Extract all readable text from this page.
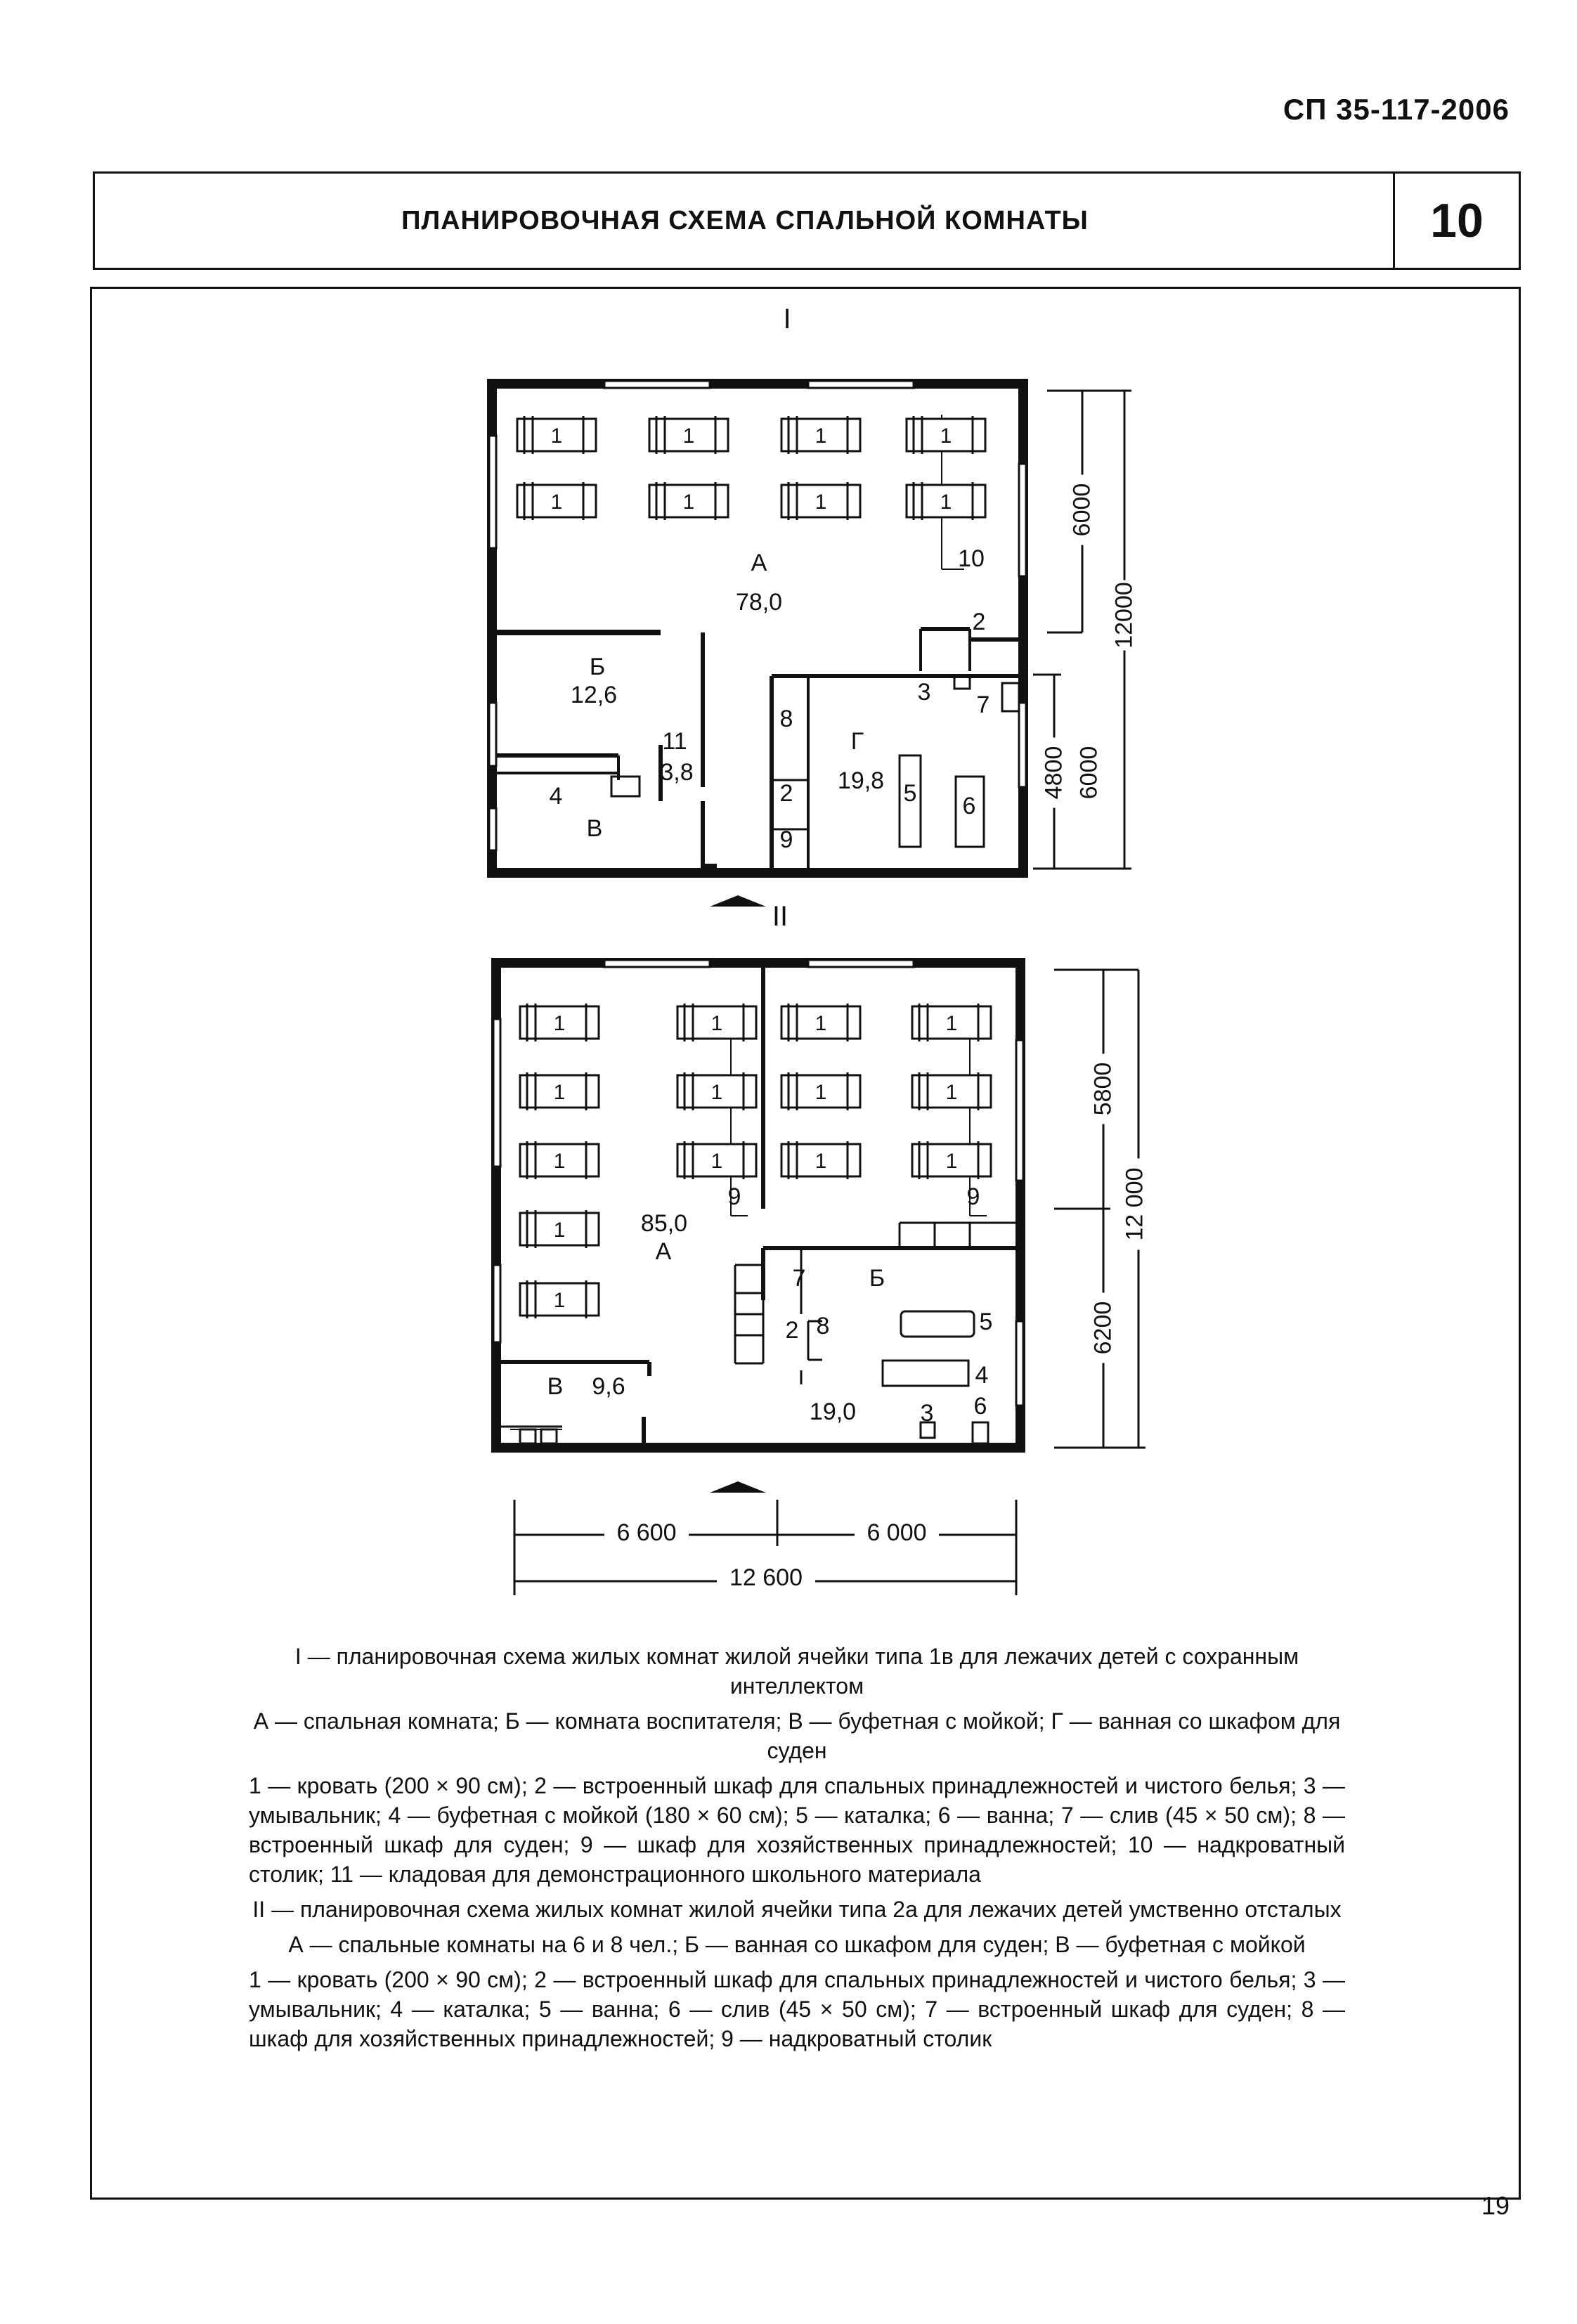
СП 35-117-2006
ПЛАНИРОВОЧНАЯ СХЕМА СПАЛЬНОЙ КОМНАТЫ	10
1	1	1	1
1	1	1	1
I
А
78,0
Б
12,6
В
Г
19,8
11
3,8
10
2
3 7
8
2
9
4	5 6
6000
12000
4800 6000
1
1
1
1
1
1
1
1
1
1
1
1
1
1
II
85,0
А
Б
19,0
В	9,6
9	9
7
2 8	5
4
6
3
5800
12 000
6200
6 600	6 000
12 600

I — планировочная схема жилых комнат жилой ячейки типа 1в для лежачих детей с сохранным интеллектом

А — спальная комната; Б — комната воспитателя; В — буфетная с мойкой; Г — ванная со шкафом для суден

1 — кровать (200 × 90 см); 2 — встроенный шкаф для спальных принадлежностей и чистого белья; 3 — умывальник; 4 — буфетная с мойкой (180 × 60 см); 5 — каталка; 6 — ванна; 7 — слив (45 × 50 см); 8 — встроенный шкаф для суден; 9 — шкаф для хозяйственных принадлежностей; 10 — надкроватный столик; 11 — кладовая для демонстрационного школьного материала

II — планировочная схема жилых комнат жилой ячейки типа 2а для лежачих детей умственно отсталых

А — спальные комнаты на 6 и 8 чел.; Б — ванная со шкафом для суден; В — буфетная с мойкой

1 — кровать (200 × 90 см); 2 — встроенный шкаф для спальных принадлежностей и чистого белья; 3 — умывальник; 4 — каталка; 5 — ванна; 6 — слив (45 × 50 см); 7 — встроенный шкаф для суден; 8 — шкаф для хозяйственных принадлежностей; 9 — надкроватный столик

19
